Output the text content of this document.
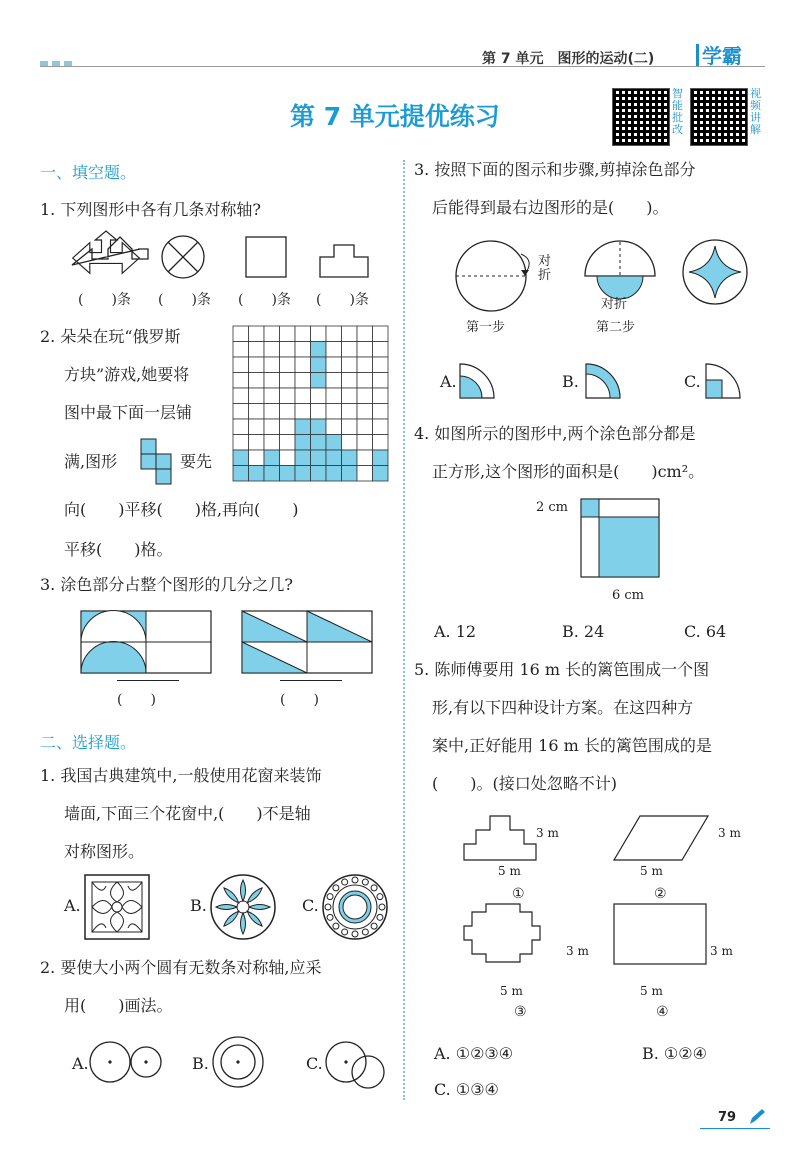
第 7 单元　图形的运动(二) 学霸
第 7 单元提优练习
智能批改
视频讲解
一、填空题。
1. 下列图形中各有几条对称轴?
(　　)条 (　　)条 (　　)条 (　　)条
2. 朵朵在玩“俄罗斯
方块”游戏,她要将
图中最下面一层铺
满,图形	要先
向(　　)平移(　　)格,再向(　　)
平移(　　)格。
3. 涂色部分占整个图形的几分之几?
(　　)	(　　)
二、选择题。
1. 我国古典建筑中,一般使用花窗来装饰
墙面,下面三个花窗中,(　　)不是轴
对称图形。
A.	B.	C.
2. 要使大小两个圆有无数条对称轴,应采
用(　　)画法。
A.	B.	C.
3. 按照下面的图示和步骤,剪掉涂色部分
后能得到最右边图形的是(　　)。
对折
对折
第一步	第二步
A.	B.	C.
4. 如图所示的图形中,两个涂色部分都是
正方形,这个图形的面积是(　　)cm²。
2 cm
6 cm
A. 12	B. 24	C. 64
5. 陈师傅要用 16 m 长的篱笆围成一个图
形,有以下四种设计方案。在这四种方
案中,正好能用 16 m 长的篱笆围成的是
(　　)。(接口处忽略不计)
3 m
5 m
①
3 m
5 m
②
3 m
5 m
③
3 m
5 m
④
A. ①②③④	B. ①②④
C. ①③④
79
